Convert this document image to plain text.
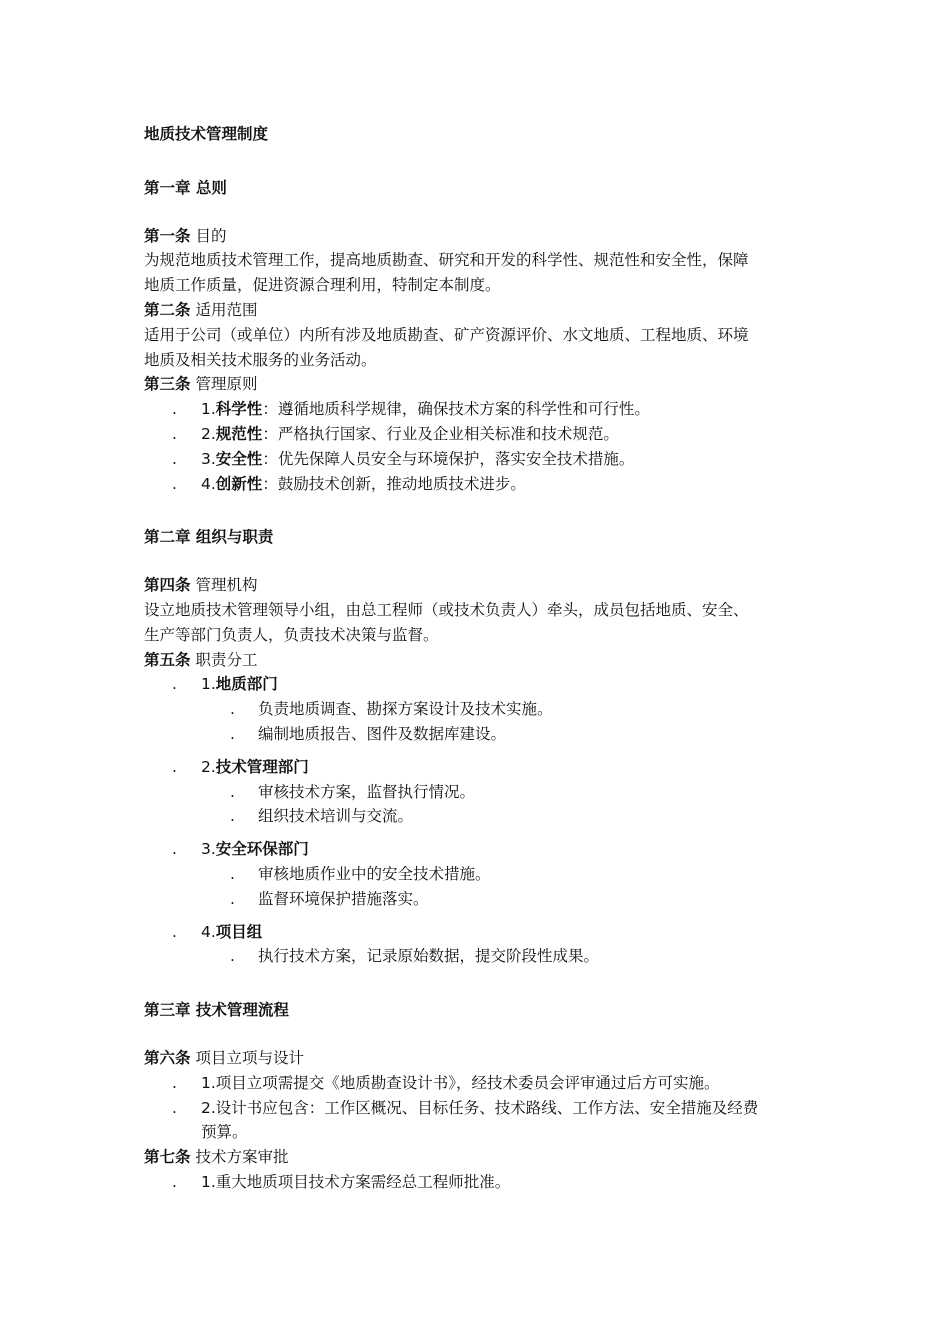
地质技术管理制度

第一章 总则

第一条 目的

为规范地质技术管理工作，提高地质勘查、研究和开发的科学性、规范性和安全性，保障

地质工作质量，促进资源合理利用，特制定本制度。

第二条 适用范围

适用于公司（或单位）内所有涉及地质勘查、矿产资源评价、水文地质、工程地质、环境

地质及相关技术服务的业务活动。

第三条 管理原则

. 1.科学性：遵循地质科学规律，确保技术方案的科学性和可行性。

. 2.规范性：严格执行国家、行业及企业相关标准和技术规范。

. 3.安全性：优先保障人员安全与环境保护，落实安全技术措施。

. 4.创新性：鼓励技术创新，推动地质技术进步。

第二章 组织与职责

第四条 管理机构

设立地质技术管理领导小组，由总工程师（或技术负责人）牵头，成员包括地质、安全、

生产等部门负责人，负责技术决策与监督。

第五条 职责分工

. 1.地质部门

. 负责地质调查、勘探方案设计及技术实施。

. 编制地质报告、图件及数据库建设。

. 2.技术管理部门

. 审核技术方案，监督执行情况。

. 组织技术培训与交流。

. 3.安全环保部门

. 审核地质作业中的安全技术措施。

. 监督环境保护措施落实。

. 4.项目组

. 执行技术方案，记录原始数据，提交阶段性成果。

第三章 技术管理流程

第六条 项目立项与设计

. 1.项目立项需提交《地质勘查设计书》，经技术委员会评审通过后方可实施。

. 2.设计书应包含：工作区概况、目标任务、技术路线、工作方法、安全措施及经费

预算。

第七条 技术方案审批

. 1.重大地质项目技术方案需经总工程师批准。
